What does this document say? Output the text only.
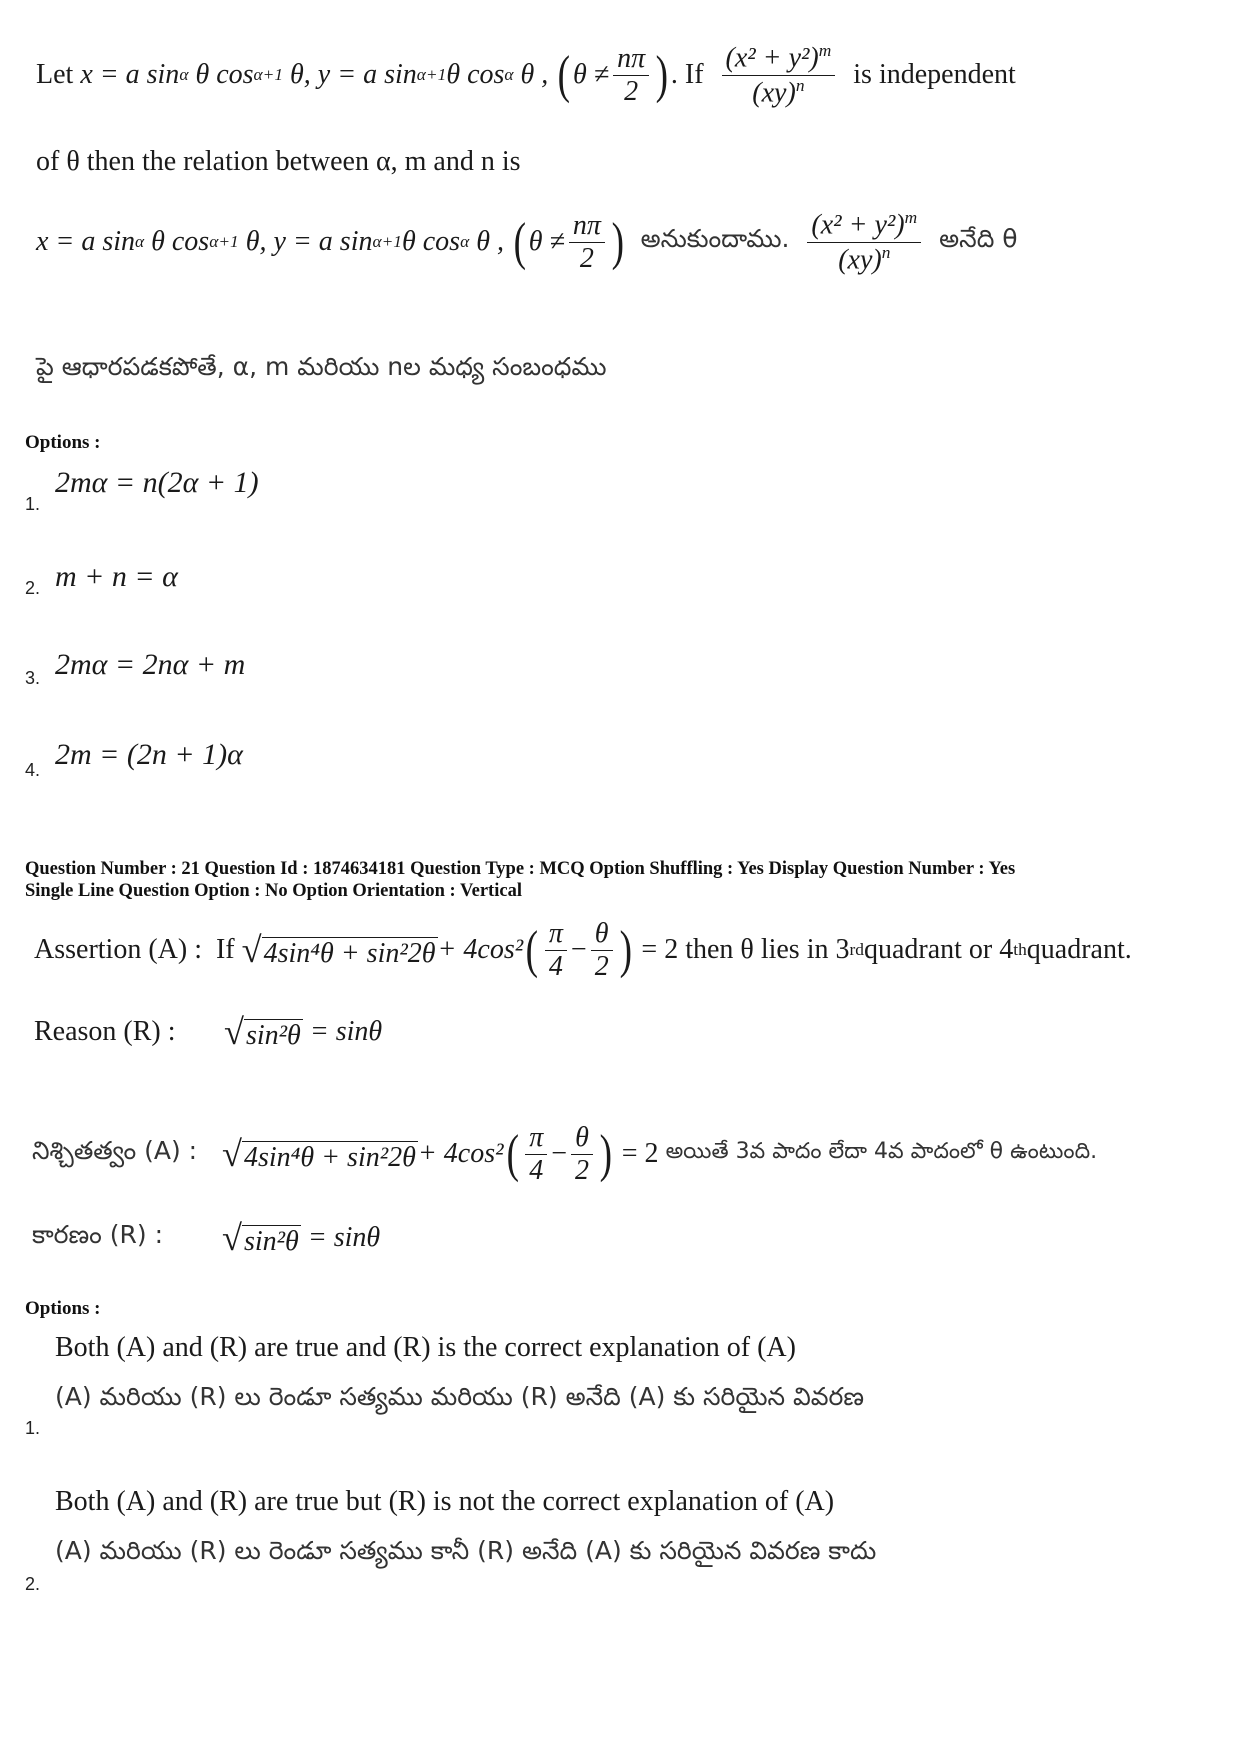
Let
x = a sin α
θ cos α+1
θ, y = a sin α+1 θ cos α
θ ,
( $\theta \ne \frac{n\pi}{2}$ ) . If
$\frac{(x^2 + y^2)^m}{(xy)^n}$
is independent
of θ then the relation between α, m and n is
x = a sin α
θ cos α+1
θ, y = a sin α+1 θ cos α
θ ,
( $\theta \ne \frac{n\pi}{2}$ )
అనుకుందాము.
$\frac{(x^2 + y^2)^m}{(xy)^n}$
అనేది θ
పై ఆధారపడకపోతే, α, m మరియు nల మధ్య సంబంధము
Options :
1.
2mα = n(2α + 1)
2. m + n = α
3. 2mα = 2nα + m
4. 2m = (2n + 1)α
Question Number : 21 Question Id : 1874634181 Question Type : MCQ Option Shuffling : Yes Display Question Number : Yes
Single Line Question Option : No Option Orientation : Vertical
Assertion (A) :
If
√4sin⁴θ + sin²2θ + 4cos² ( $\frac{\pi}{4} - \frac{\theta}{2}$ )
= 2 then θ lies in 3 rd quadrant or 4 th quadrant.
Reason (R) :	√sin²θ
= sinθ
నిశ్చితత్వం (A) : √4sin⁴θ + sin²2θ + 4cos² ( $\frac{\pi}{4} - \frac{\theta}{2}$ )
= 2
అయితే 3వ పాదం లేదా 4వ పాదంలో θ ఉంటుంది.
కారణం (R) :	√sin²θ
= sinθ
Options :
Both (A) and (R) are true and (R) is the correct explanation of (A)
(A) మరియు (R) లు రెండూ సత్యము మరియు (R) అనేది (A) కు సరియైన వివరణ
1.
Both (A) and (R) are true but (R) is not the correct explanation of (A)
(A) మరియు (R) లు రెండూ సత్యము కానీ (R) అనేది (A) కు సరియైన వివరణ కాదు
2.
